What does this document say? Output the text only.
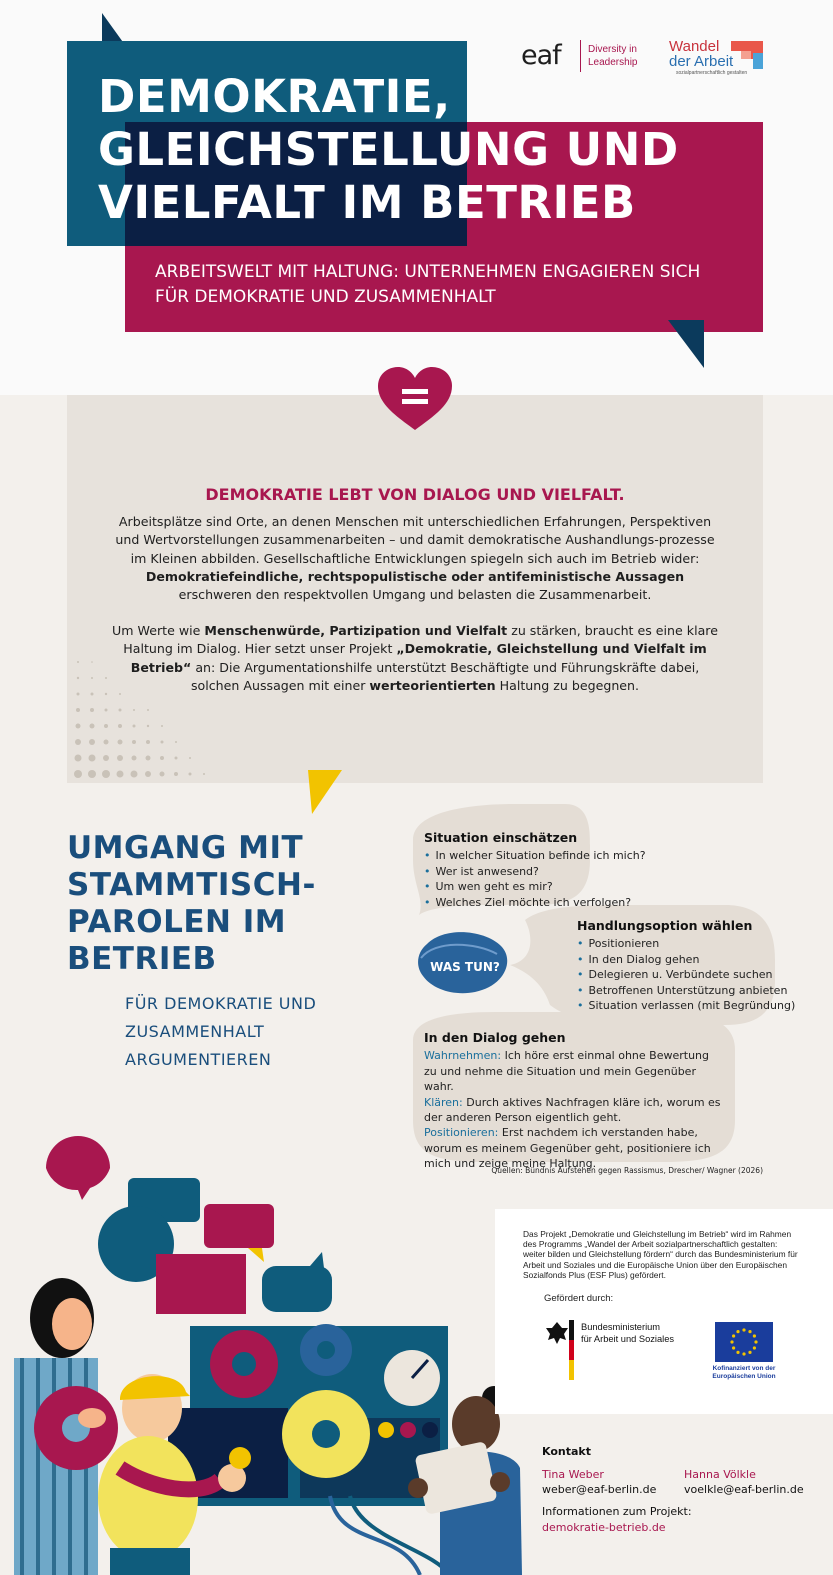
DEMOKRATIE, GLEICHSTELLUNG UND VIELFALT IM BETRIEB
ARBEITSWELT MIT HALTUNG: UNTERNEHMEN ENGAGIEREN SICH FÜR DEMOKRATIE UND ZUSAMMENHALT
eaf	Diversity in
Leadership
Wandel
der Arbeit
sozialpartnerschaftlich gestalten
DEMOKRATIE LEBT VON DIALOG UND VIELFALT.

Arbeitsplätze sind Orte, an denen Menschen mit unterschiedlichen Erfahrungen, Perspektiven und Wertvorstellungen zusammenarbeiten – und damit demokratische Aushandlungs-prozesse im Kleinen abbilden. Gesellschaftliche Entwicklungen spiegeln sich auch im Betrieb wider: Demokratiefeindliche, rechtspopulistische oder antifeministische Aussagen erschweren den respektvollen Umgang und belasten die Zusammenarbeit.

Um Werte wie Menschenwürde, Partizipation und Vielfalt zu stärken, braucht es eine klare Haltung im Dialog. Hier setzt unser Projekt „Demokratie, Gleichstellung und Vielfalt im Betrieb“ an: Die Argumentationshilfe unterstützt Beschäftigte und Führungskräfte dabei, solchen Aussagen mit einer werteorientierten Haltung zu begegnen.

UMGANG MIT STAMMTISCH-PAROLEN IM BETRIEB
FÜR DEMOKRATIE UND ZUSAMMENHALT ARGUMENTIEREN
WAS TUN?
Situation einschätzen
• In welcher Situation befinde ich mich?
• Wer ist anwesend?
• Um wen geht es mir?
• Welches Ziel möchte ich verfolgen?
Handlungsoption wählen
• Positionieren
• In den Dialog gehen
• Delegieren u. Verbündete suchen
• Betroffenen Unterstützung anbieten
• Situation verlassen (mit Begründung)
In den Dialog gehen

Wahrnehmen: Ich höre erst einmal ohne Bewertung zu und nehme die Situation und mein Gegenüber wahr.

Klären: Durch aktives Nachfragen kläre ich, worum es der anderen Person eigentlich geht.

Positionieren: Erst nachdem ich verstanden habe, worum es meinem Gegenüber geht, positioniere ich mich und zeige meine Haltung.

Quellen: Bündnis Aufstehen gegen Rassismus, Drescher/ Wagner (2026)
Das Projekt „Demokratie und Gleichstellung im Betrieb“ wird im Rahmen des Programms „Wandel der Arbeit sozialpartnerschaftlich gestalten: weiter bilden und Gleichstellung fördern“ durch das Bundesministerium für Arbeit und Soziales und die Europäische Union über den Europäischen Sozialfonds Plus (ESF Plus) gefördert.
Gefördert durch:
Bundesministerium
für Arbeit und Soziales
Kofinanziert von der
Europäischen Union
Kontakt
Tina Weber
weber@eaf-berlin.de
Hanna Völkle
voelkle@eaf-berlin.de
Informationen zum Projekt:
demokratie-betrieb.de
